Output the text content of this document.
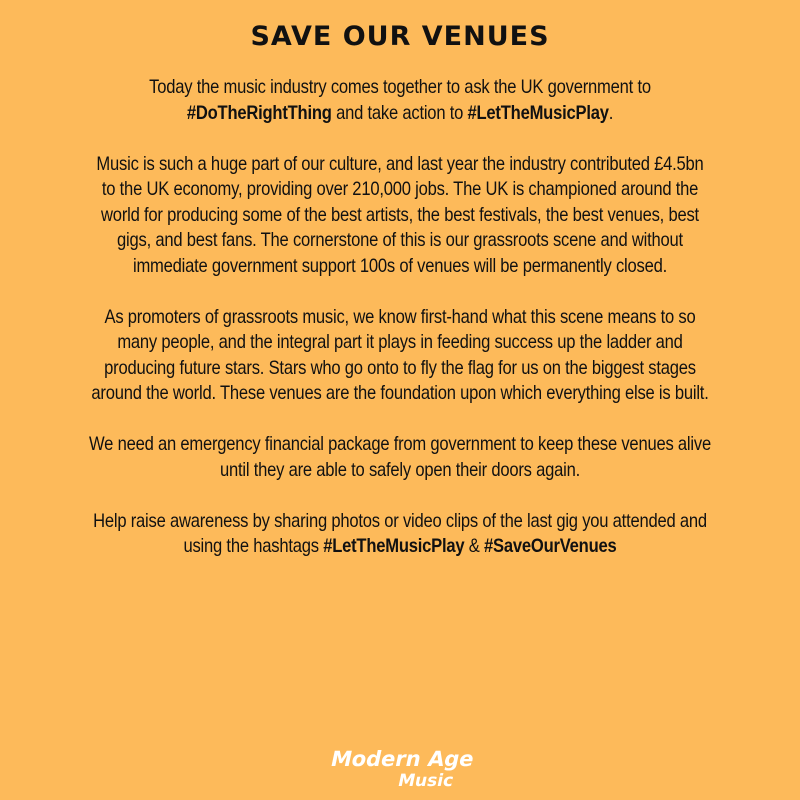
SAVE OUR VENUES

Today the music industry comes together to ask the UK government to
#DoTheRightThing and take action to #LetTheMusicPlay.

Music is such a huge part of our culture, and last year the industry contributed £4.5bn
to the UK economy, providing over 210,000 jobs. The UK is championed around the
world for producing some of the best artists, the best festivals, the best venues, best
gigs, and best fans. The cornerstone of this is our grassroots scene and without
immediate government support 100s of venues will be permanently closed.

As promoters of grassroots music, we know first-hand what this scene means to so
many people, and the integral part it plays in feeding success up the ladder and
producing future stars. Stars who go onto to fly the flag for us on the biggest stages
around the world. These venues are the foundation upon which everything else is built.

We need an emergency financial package from government to keep these venues alive
until they are able to safely open their doors again.

Help raise awareness by sharing photos or video clips of the last gig you attended and
using the hashtags #LetTheMusicPlay & #SaveOurVenues

Modern Age
Music
